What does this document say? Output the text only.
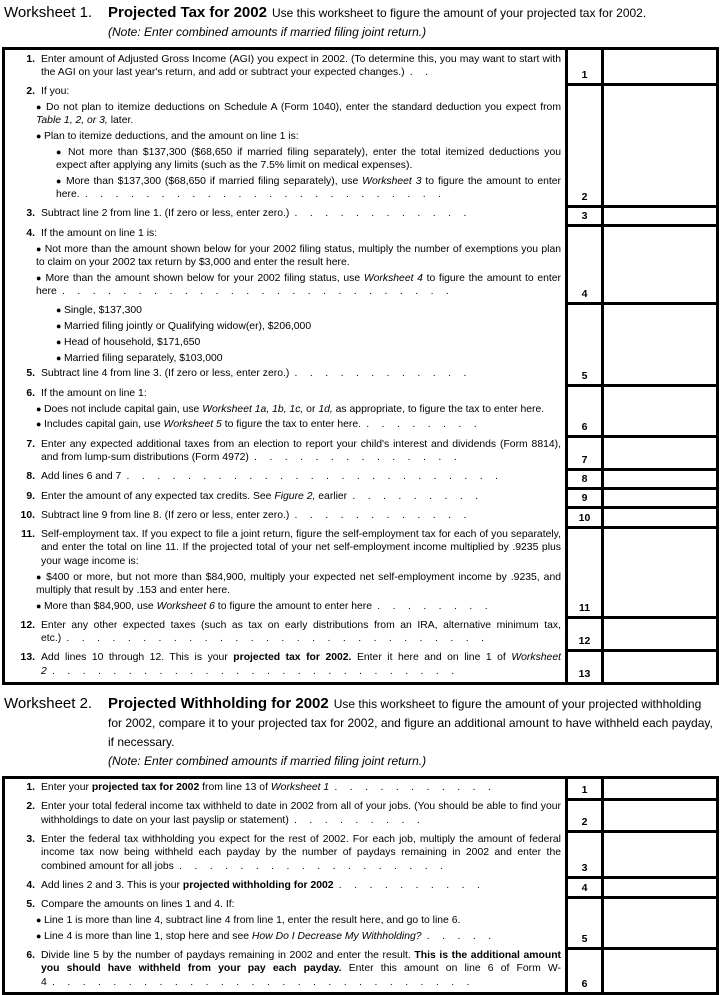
Worksheet 1.	Projected Tax for 2002 Use this worksheet to figure the amount of your projected tax for 2002.
(Note: Enter combined amounts if married filing joint return.)
1. Enter amount of Adjusted Gross Income (AGI) you expect in 2002. (To determine this, you may want to start with the AGI on your last year's return, and add or subtract your expected changes.) .  .	1
2. If you:
● Do not plan to itemize deductions on Schedule A (Form 1040), enter the standard deduction you expect from Table 1, 2, or 3, later.
● Plan to itemize deductions, and the amount on line 1 is:
● Not more than $137,300 ($68,650 if married filing separately), enter the total itemized deductions you expect after applying any limits (such as the 7.5% limit on medical expenses).
● More than $137,300 ($68,650 if married filing separately), use Worksheet 3 to figure the amount to enter here. .  .  .  .  .  .  .  .  .  .  .  .  .  .  .  .  .  .  .  .  .  .  .  .	2
3. Subtract line 2 from line 1. (If zero or less, enter zero.) .  .  .  .  .  .  .  .  .  .  .  .	3
4. If the amount on line 1 is:
● Not more than the amount shown below for your 2002 filing status, multiply the number of exemptions you plan to claim on your 2002 tax return by $3,000 and enter the result here.
● More than the amount shown below for your 2002 filing status, use Worksheet 4 to figure the amount to enter here .  .  .  .  .  .  .  .  .  .  .  .  .  .  .  .  .  .  .  .  .  .  .  .  .  .	4
● Single, $137,300
● Married filing jointly or Qualifying widow(er), $206,000
● Head of household, $171,650
● Married filing separately, $103,000
5. Subtract line 4 from line 3. (If zero or less, enter zero.) .  .  .  .  .  .  .  .  .  .  .  .	5
6. If the amount on line 1:
● Does not include capital gain, use Worksheet 1a, 1b, 1c, or 1d, as appropriate, to figure the tax to enter here.
● Includes capital gain, use Worksheet 5 to figure the tax to enter here. .  .  .  .  .  .  .  .	6
7. Enter any expected additional taxes from an election to report your child's interest and dividends (Form 8814), and from lump-sum distributions (Form 4972) .  .  .  .  .  .  .  .  .  .  .  .  .  .	7
8. Add lines 6 and 7 .  .  .  .  .  .  .  .  .  .  .  .  .  .  .  .  .  .  .  .  .  .  .  .  .	8
9. Enter the amount of any expected tax credits. See Figure 2, earlier .  .  .  .  .  .  .  .  .	9
10. Subtract line 9 from line 8. (If zero or less, enter zero.) .  .  .  .  .  .  .  .  .  .  .  .	10
11. Self-employment tax. If you expect to file a joint return, figure the self-employment tax for each of you separately, and enter the total on line 11. If the projected total of your net self-employment income multiplied by .9235 plus your wage income is:
● $400 or more, but not more than $84,900, multiply your expected net self-employment income by .9235, and multiply that result by .153 and enter here.
● More than $84,900, use Worksheet 6 to figure the amount to enter here .  .  .  .  .  .  .  .	11
12. Enter any other expected taxes (such as tax on early distributions from an IRA, alternative minimum tax, etc.) .  .  .  .  .  .  .  .  .  .  .  .  .  .  .  .  .  .  .  .  .  .  .  .  .  .  .  .	12
13. Add lines 10 through 12. This is your projected tax for 2002. Enter it here and on line 1 of Worksheet 2 .  .  .  .  .  .  .  .  .  .  .  .  .  .  .  .  .  .  .  .  .  .  .  .  .  .  .	13
Worksheet 2.	Projected Withholding for 2002 Use this worksheet to figure the amount of your projected withholding for 2002, compare it to your projected tax for 2002, and figure an additional amount to have withheld each payday, if necessary.
(Note: Enter combined amounts if married filing joint return.)
1. Enter your projected tax for 2002 from line 13 of Worksheet 1 .  .  .  .  .  .  .  .  .  .  .	1
2. Enter your total federal income tax withheld to date in 2002 from all of your jobs. (You should be able to find your withholdings to date on your last payslip or statement) .  .  .  .  .  .  .  .  .	2
3. Enter the federal tax withholding you expect for the rest of 2002. For each job, multiply the amount of federal income tax now being withheld each payday by the number of paydays remaining in 2002 and enter the combined amount for all jobs .  .  .  .  .  .  .  .  .  .  .  .  .  .  .  .  .  .	3
4. Add lines 2 and 3. This is your projected withholding for 2002 .  .  .  .  .  .  .  .  .  .	4
5. Compare the amounts on lines 1 and 4. If:
● Line 1 is more than line 4, subtract line 4 from line 1, enter the result here, and go to line 6.
● Line 4 is more than line 1, stop here and see How Do I Decrease My Withholding? .  .  .  .  .	5
6. Divide line 5 by the number of paydays remaining in 2002 and enter the result. This is the additional amount you should have withheld from your pay each payday. Enter this amount on line 6 of Form W-4 .  .  .  .  .  .  .  .  .  .  .  .  .  .  .  .  .  .  .  .  .  .  .  .  .  .  .  .	6
